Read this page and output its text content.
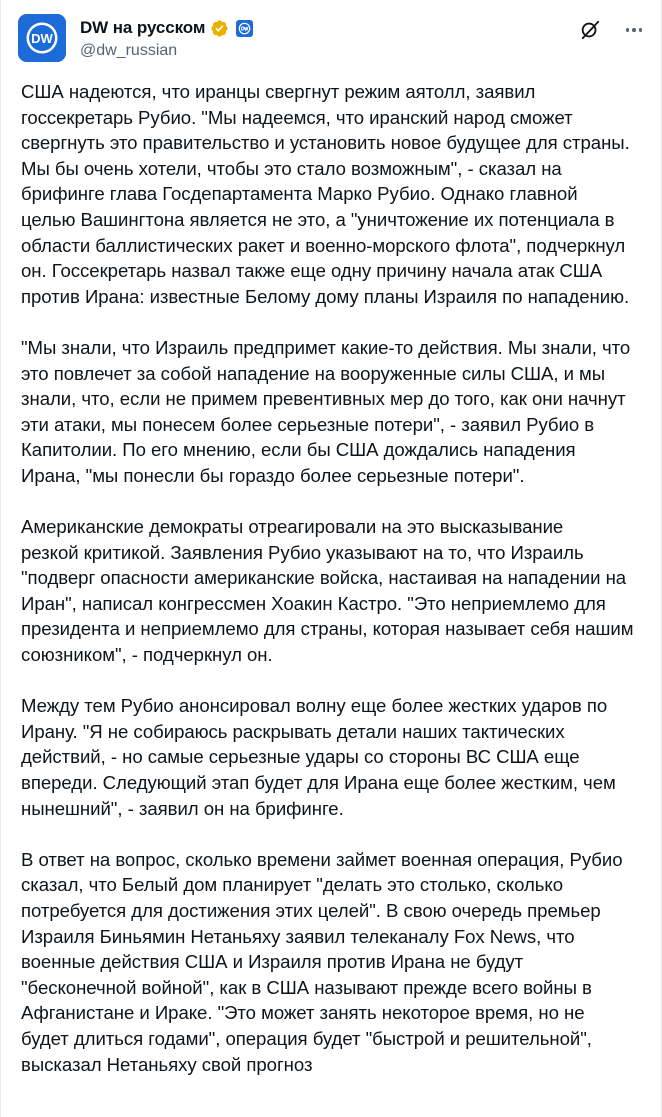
DW
DW на русском
@dw_russian

США надеются, что иранцы свергнут режим аятолл, заявил
госсекретарь Рубио. "Мы надеемся, что иранский народ сможет
свергнуть это правительство и установить новое будущее для страны.
Мы бы очень хотели, чтобы это стало возможным", - сказал на
брифинге глава Госдепартамента Марко Рубио. Однако главной
целью Вашингтона является не это, а "уничтожение их потенциала в
области баллистических ракет и военно-морского флота", подчеркнул
он. Госсекретарь назвал также еще одну причину начала атак США
против Ирана: известные Белому дому планы Израиля по нападению.

"Мы знали, что Израиль предпримет какие-то действия. Мы знали, что
это повлечет за собой нападение на вооруженные силы США, и мы
знали, что, если не примем превентивных мер до того, как они начнут
эти атаки, мы понесем более серьезные потери", - заявил Рубио в
Капитолии. По его мнению, если бы США дождались нападения
Ирана, "мы понесли бы гораздо более серьезные потери".

Американские демократы отреагировали на это высказывание
резкой критикой. Заявления Рубио указывают на то, что Израиль
"подверг опасности американские войска, настаивая на нападении на
Иран", написал конгрессмен Хоакин Кастро. "Это неприемлемо для
президента и неприемлемо для страны, которая называет себя нашим
союзником", - подчеркнул он.

Между тем Рубио анонсировал волну еще более жестких ударов по
Ирану. "Я не собираюсь раскрывать детали наших тактических
действий, - но самые серьезные удары со стороны ВС США еще
впереди. Следующий этап будет для Ирана еще более жестким, чем
нынешний", - заявил он на брифинге.

В ответ на вопрос, сколько времени займет военная операция, Рубио
сказал, что Белый дом планирует "делать это столько, сколько
потребуется для достижения этих целей". В свою очередь премьер
Израиля Биньямин Нетаньяху заявил телеканалу Fox News, что
военные действия США и Израиля против Ирана не будут
"бесконечной войной", как в США называют прежде всего войны в
Афганистане и Ираке. "Это может занять некоторое время, но не
будет длиться годами", операция будет "быстрой и решительной",
высказал Нетаньяху свой прогноз
